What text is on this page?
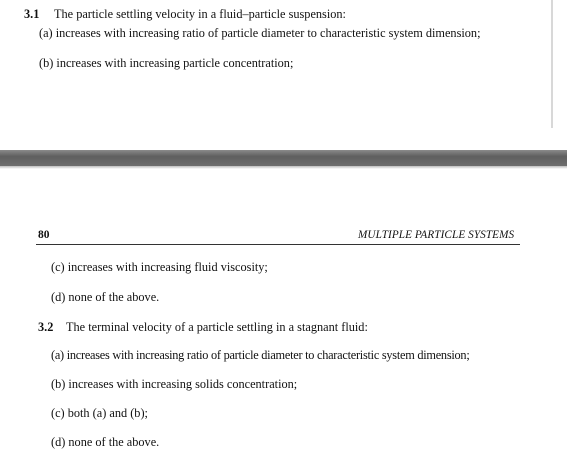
3.1 The particle settling velocity in a fluid–particle suspension:
(a) increases with increasing ratio of particle diameter to characteristic system dimension;
(b) increases with increasing particle concentration;
80	MULTIPLE PARTICLE SYSTEMS
(c) increases with increasing fluid viscosity;
(d) none of the above.
3.2 The terminal velocity of a particle settling in a stagnant fluid:
(a) increases with increasing ratio of particle diameter to characteristic system dimension;
(b) increases with increasing solids concentration;
(c) both (a) and (b);
(d) none of the above.
